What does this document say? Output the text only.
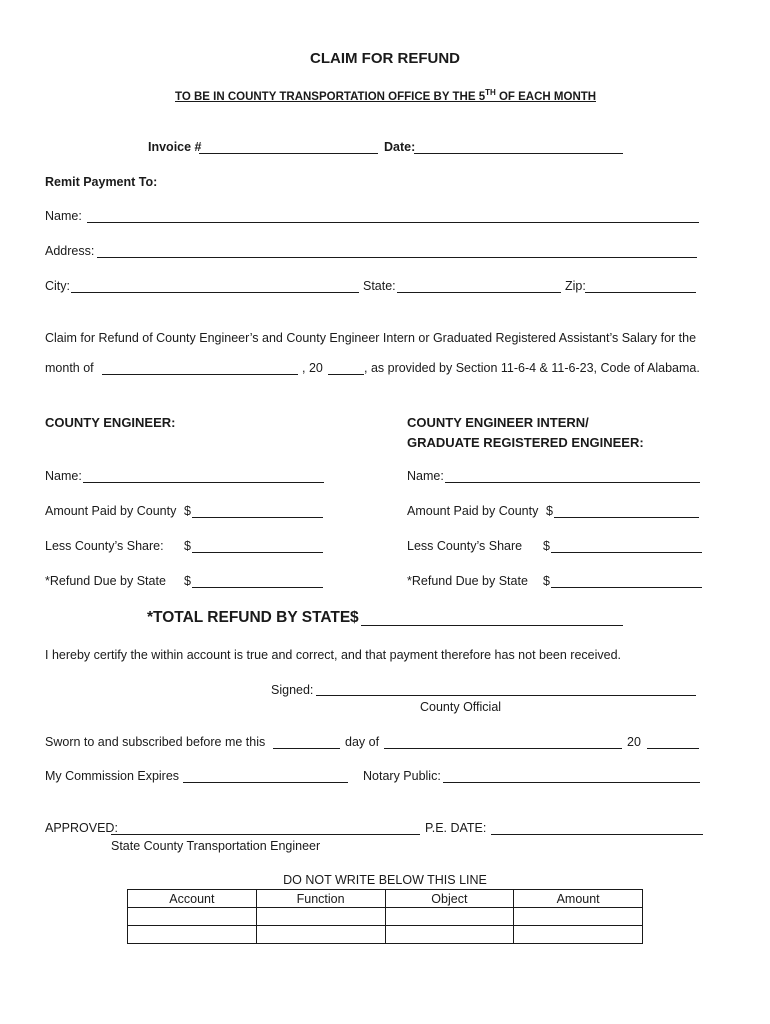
CLAIM FOR REFUND
TO BE IN COUNTY TRANSPORTATION OFFICE BY THE 5TH OF EACH MONTH
Invoice #	Date:
Remit Payment To:
Name:
Address:
City:	State:	Zip:
Claim for Refund of County Engineer’s and County Engineer Intern or Graduated Registered Assistant’s Salary for the
month of	, 20	, as provided by Section 11-6-4 & 11-6-23, Code of Alabama.
COUNTY ENGINEER:
Name:
Amount Paid by County $
Less County’s Share: $
*Refund Due by State $
COUNTY ENGINEER INTERN/
GRADUATE REGISTERED ENGINEER:
Name:
Amount Paid by County $
Less County’s Share $
*Refund Due by State $
*TOTAL REFUND BY STATE $
I hereby certify the within account is true and correct, and that payment therefore has not been received.
Signed:
County Official
Sworn to and subscribed before me this	day of	20
My Commission Expires	Notary Public:
APPROVED:	P.E. DATE:
State County Transportation Engineer
DO NOT WRITE BELOW THIS LINE
Account	Function	Object	Amount
